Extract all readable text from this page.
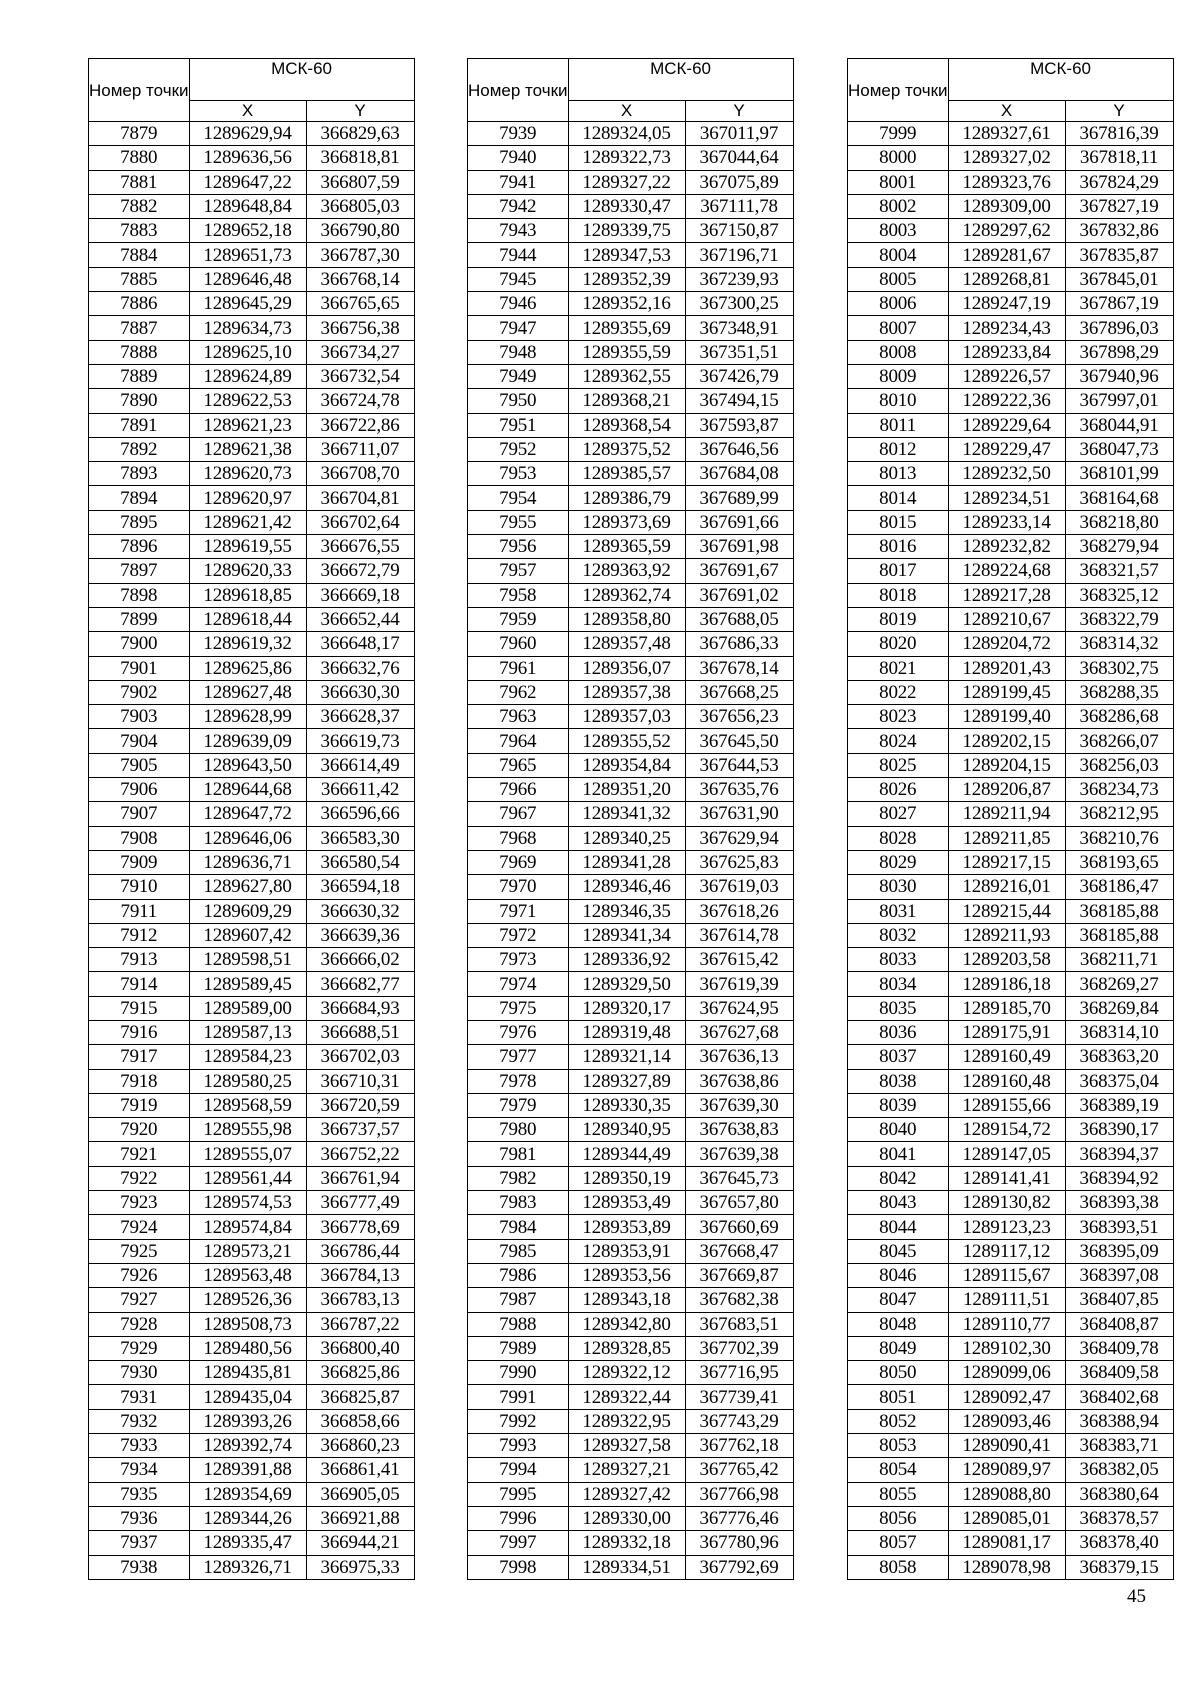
Номер точки	МСК-60	
	X	Y
7879	1289629,94	366829,63
7880	1289636,56	366818,81
7881	1289647,22	366807,59
7882	1289648,84	366805,03
7883	1289652,18	366790,80
7884	1289651,73	366787,30
7885	1289646,48	366768,14
7886	1289645,29	366765,65
7887	1289634,73	366756,38
7888	1289625,10	366734,27
7889	1289624,89	366732,54
7890	1289622,53	366724,78
7891	1289621,23	366722,86
7892	1289621,38	366711,07
7893	1289620,73	366708,70
7894	1289620,97	366704,81
7895	1289621,42	366702,64
7896	1289619,55	366676,55
7897	1289620,33	366672,79
7898	1289618,85	366669,18
7899	1289618,44	366652,44
7900	1289619,32	366648,17
7901	1289625,86	366632,76
7902	1289627,48	366630,30
7903	1289628,99	366628,37
7904	1289639,09	366619,73
7905	1289643,50	366614,49
7906	1289644,68	366611,42
7907	1289647,72	366596,66
7908	1289646,06	366583,30
7909	1289636,71	366580,54
7910	1289627,80	366594,18
7911	1289609,29	366630,32
7912	1289607,42	366639,36
7913	1289598,51	366666,02
7914	1289589,45	366682,77
7915	1289589,00	366684,93
7916	1289587,13	366688,51
7917	1289584,23	366702,03
7918	1289580,25	366710,31
7919	1289568,59	366720,59
7920	1289555,98	366737,57
7921	1289555,07	366752,22
7922	1289561,44	366761,94
7923	1289574,53	366777,49
7924	1289574,84	366778,69
7925	1289573,21	366786,44
7926	1289563,48	366784,13
7927	1289526,36	366783,13
7928	1289508,73	366787,22
7929	1289480,56	366800,40
7930	1289435,81	366825,86
7931	1289435,04	366825,87
7932	1289393,26	366858,66
7933	1289392,74	366860,23
7934	1289391,88	366861,41
7935	1289354,69	366905,05
7936	1289344,26	366921,88
7937	1289335,47	366944,21
7938	1289326,71	366975,33
Номер точки	МСК-60	
	X	Y
7939	1289324,05	367011,97
7940	1289322,73	367044,64
7941	1289327,22	367075,89
7942	1289330,47	367111,78
7943	1289339,75	367150,87
7944	1289347,53	367196,71
7945	1289352,39	367239,93
7946	1289352,16	367300,25
7947	1289355,69	367348,91
7948	1289355,59	367351,51
7949	1289362,55	367426,79
7950	1289368,21	367494,15
7951	1289368,54	367593,87
7952	1289375,52	367646,56
7953	1289385,57	367684,08
7954	1289386,79	367689,99
7955	1289373,69	367691,66
7956	1289365,59	367691,98
7957	1289363,92	367691,67
7958	1289362,74	367691,02
7959	1289358,80	367688,05
7960	1289357,48	367686,33
7961	1289356,07	367678,14
7962	1289357,38	367668,25
7963	1289357,03	367656,23
7964	1289355,52	367645,50
7965	1289354,84	367644,53
7966	1289351,20	367635,76
7967	1289341,32	367631,90
7968	1289340,25	367629,94
7969	1289341,28	367625,83
7970	1289346,46	367619,03
7971	1289346,35	367618,26
7972	1289341,34	367614,78
7973	1289336,92	367615,42
7974	1289329,50	367619,39
7975	1289320,17	367624,95
7976	1289319,48	367627,68
7977	1289321,14	367636,13
7978	1289327,89	367638,86
7979	1289330,35	367639,30
7980	1289340,95	367638,83
7981	1289344,49	367639,38
7982	1289350,19	367645,73
7983	1289353,49	367657,80
7984	1289353,89	367660,69
7985	1289353,91	367668,47
7986	1289353,56	367669,87
7987	1289343,18	367682,38
7988	1289342,80	367683,51
7989	1289328,85	367702,39
7990	1289322,12	367716,95
7991	1289322,44	367739,41
7992	1289322,95	367743,29
7993	1289327,58	367762,18
7994	1289327,21	367765,42
7995	1289327,42	367766,98
7996	1289330,00	367776,46
7997	1289332,18	367780,96
7998	1289334,51	367792,69
Номер точки	МСК-60	
	X	Y
7999	1289327,61	367816,39
8000	1289327,02	367818,11
8001	1289323,76	367824,29
8002	1289309,00	367827,19
8003	1289297,62	367832,86
8004	1289281,67	367835,87
8005	1289268,81	367845,01
8006	1289247,19	367867,19
8007	1289234,43	367896,03
8008	1289233,84	367898,29
8009	1289226,57	367940,96
8010	1289222,36	367997,01
8011	1289229,64	368044,91
8012	1289229,47	368047,73
8013	1289232,50	368101,99
8014	1289234,51	368164,68
8015	1289233,14	368218,80
8016	1289232,82	368279,94
8017	1289224,68	368321,57
8018	1289217,28	368325,12
8019	1289210,67	368322,79
8020	1289204,72	368314,32
8021	1289201,43	368302,75
8022	1289199,45	368288,35
8023	1289199,40	368286,68
8024	1289202,15	368266,07
8025	1289204,15	368256,03
8026	1289206,87	368234,73
8027	1289211,94	368212,95
8028	1289211,85	368210,76
8029	1289217,15	368193,65
8030	1289216,01	368186,47
8031	1289215,44	368185,88
8032	1289211,93	368185,88
8033	1289203,58	368211,71
8034	1289186,18	368269,27
8035	1289185,70	368269,84
8036	1289175,91	368314,10
8037	1289160,49	368363,20
8038	1289160,48	368375,04
8039	1289155,66	368389,19
8040	1289154,72	368390,17
8041	1289147,05	368394,37
8042	1289141,41	368394,92
8043	1289130,82	368393,38
8044	1289123,23	368393,51
8045	1289117,12	368395,09
8046	1289115,67	368397,08
8047	1289111,51	368407,85
8048	1289110,77	368408,87
8049	1289102,30	368409,78
8050	1289099,06	368409,58
8051	1289092,47	368402,68
8052	1289093,46	368388,94
8053	1289090,41	368383,71
8054	1289089,97	368382,05
8055	1289088,80	368380,64
8056	1289085,01	368378,57
8057	1289081,17	368378,40
8058	1289078,98	368379,15
45
